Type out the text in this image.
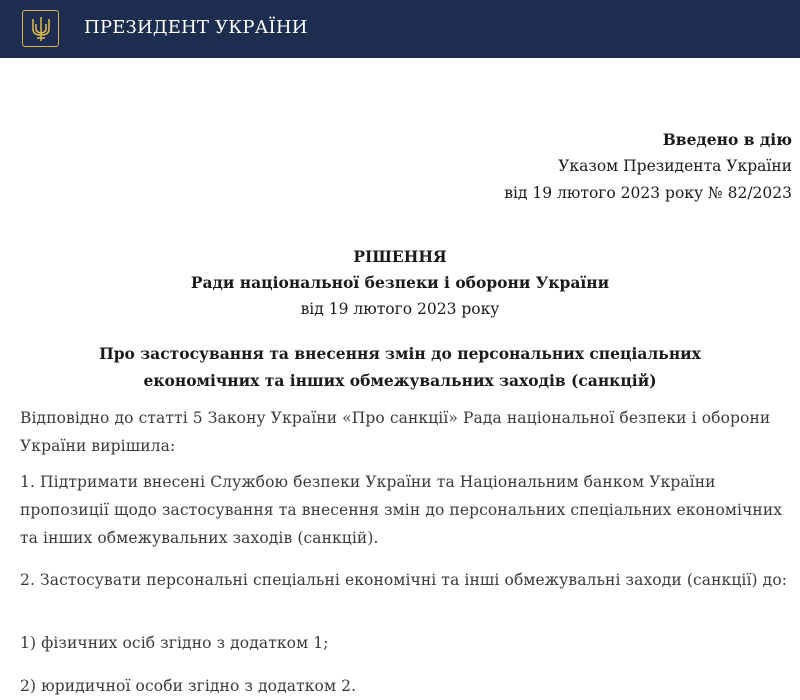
ПРЕЗИДЕНТ УКРАЇНИ
Введено в дію
Указом Президента України
від 19 лютого 2023 року № 82/2023
РІШЕННЯ
Ради національної безпеки і оборони України
від 19 лютого 2023 року
Про застосування та внесення змін до персональних спеціальних
економічних та інших обмежувальних заходів (санкцій)
Відповідно до статті 5 Закону України «Про санкції» Рада національної безпеки і оборони України вирішила:
1. Підтримати внесені Службою безпеки України та Національним банком України пропозиції щодо застосування та внесення змін до персональних спеціальних економічних та інших обмежувальних заходів (санкцій).
2. Застосувати персональні спеціальні економічні та інші обмежувальні заходи (санкції) до:
1) фізичних осіб згідно з додатком 1;
2) юридичної особи згідно з додатком 2.
